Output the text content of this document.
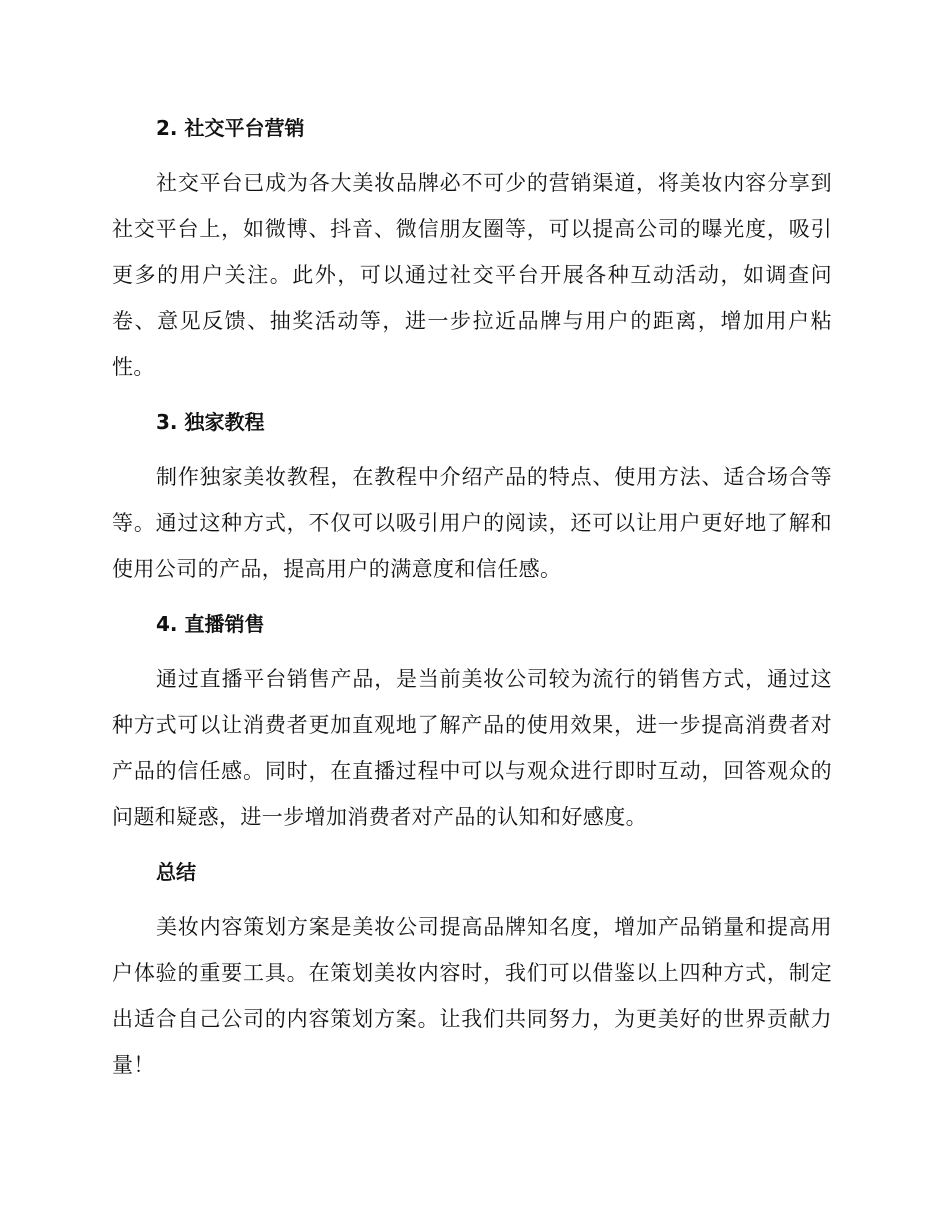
2. 社交平台营销

社交平台已成为各大美妆品牌必不可少的营销渠道，将美妆内容分享到社交平台上，如微博、抖音、微信朋友圈等，可以提高公司的曝光度，吸引更多的用户关注。此外，可以通过社交平台开展各种互动活动，如调查问卷、意见反馈、抽奖活动等，进一步拉近品牌与用户的距离，增加用户粘性。

3. 独家教程

制作独家美妆教程，在教程中介绍产品的特点、使用方法、适合场合等等。通过这种方式，不仅可以吸引用户的阅读，还可以让用户更好地了解和使用公司的产品，提高用户的满意度和信任感。

4. 直播销售

通过直播平台销售产品，是当前美妆公司较为流行的销售方式，通过这种方式可以让消费者更加直观地了解产品的使用效果，进一步提高消费者对产品的信任感。同时，在直播过程中可以与观众进行即时互动，回答观众的问题和疑惑，进一步增加消费者对产品的认知和好感度。

总结

美妆内容策划方案是美妆公司提高品牌知名度，增加产品销量和提高用户体验的重要工具。在策划美妆内容时，我们可以借鉴以上四种方式，制定出适合自己公司的内容策划方案。让我们共同努力，为更美好的世界贡献力量！
